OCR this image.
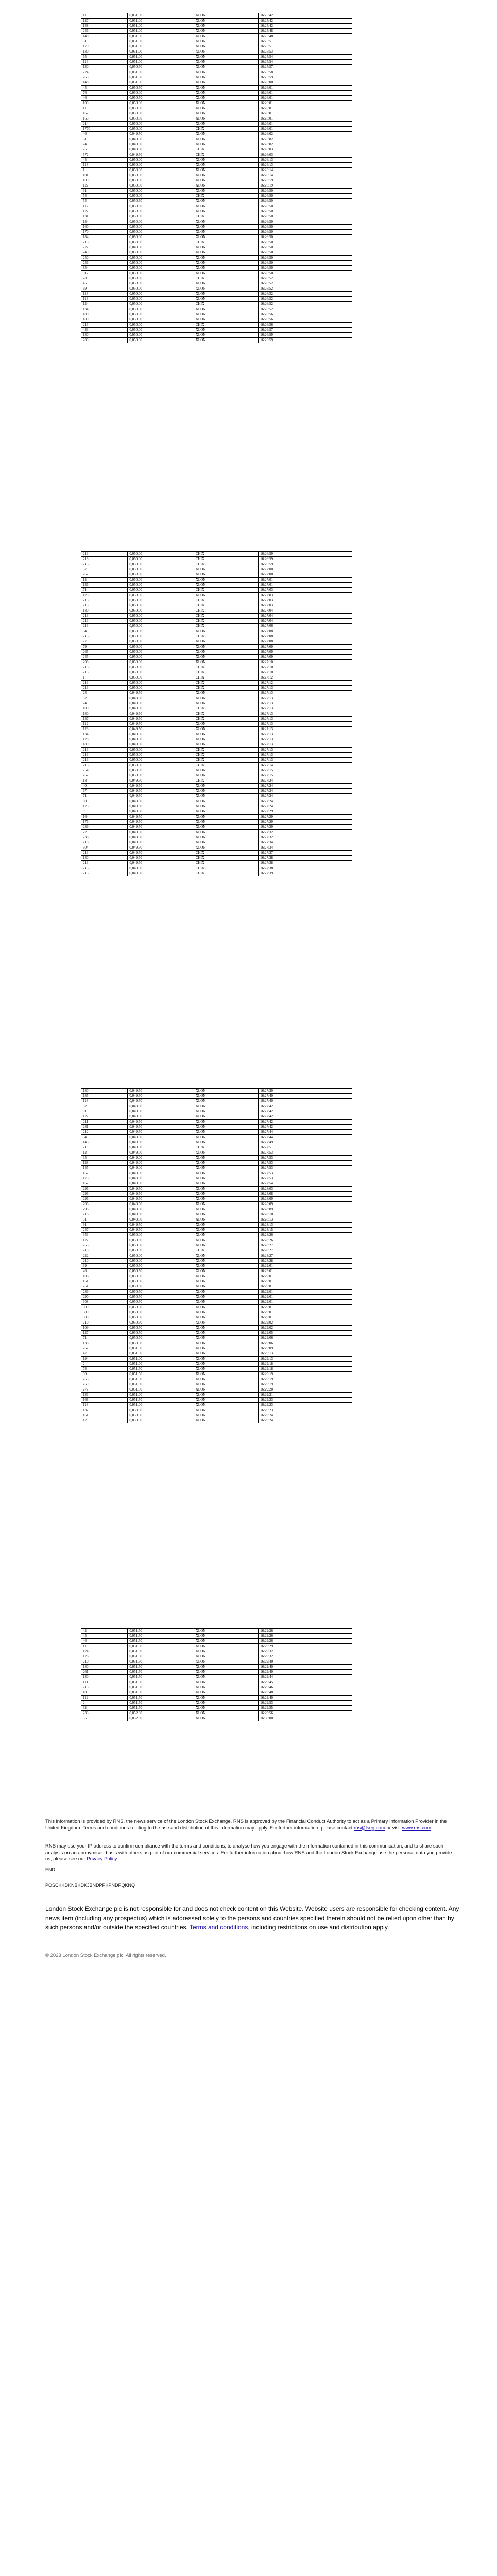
118	0,051.00	XLON	16:25:42
127	0,051.00	XLON	16:25:42
148	0,051.00	XLON	16:25:42
246	0,051.00	XLON	16:25:48
148	0,051.00	XLON	16:25:48
31	0,051.00	XLON	16:25:51
170	0,051.00	XLON	16:25:51
180	0,051.00	XLON	16:25:53
65	0,051.00	XLON	16:25:54
116	0,051.00	XLON	16:25:54
130	0,050.50	XLON	16:25:57
224	0,051.00	XLON	16:25:58
265	0,051.00	XLON	16:25:59
148	0,051.00	XLON	16:26:00
45	0,050.50	XLON	16:26:01
76	0,050.00	XLON	16:26:01
46	0,050.50	XLON	16:26:01
100	0,050.00	XLON	16:26:01
116	0,050.00	XLON	16:26:01
162	0,050.50	XLON	16:26:01
165	0,050.50	XLON	16:26:01
214	0,050.00	XLON	16:26:01
1770	0,050.00	CHIX	16:26:01
46	0,049.50	XLON	16:26:02
61	0,049.50	XLON	16:26:02
74	0,049.50	XLON	16:26:02
76	0,049.50	CHIX	16:26:03
572	0,049.50	CHIX	16:26:03
45	0,050.00	XLON	16:26:13
118	0,050.00	XLON	16:26:13
1	0,050.00	XLON	16:26:14
101	0,050.00	XLON	16:26:14
109	0,050.00	XLON	16:26:19
127	0,050.00	XLON	16:26:19
31	0,050.00	XLON	16:26:50
54	0,050.00	CHIX	16:26:50
54	0,050.50	XLON	16:26:50
112	0,050.00	XLON	16:26:50
122	0,050.00	XLON	16:26:50
131	0,050.00	CHIX	16:26:50
134	0,050.00	XLON	16:26:50
160	0,050.00	XLON	16:26:50
170	0,050.00	XLON	16:26:50
184	0,050.00	XLON	16:26:50
213	0,050.00	CHIX	16:26:50
222	0,049.50	XLON	16:26:50
249	0,050.00	XLON	16:26:50
250	0,050.00	XLON	16:26:50
256	0,050.00	XLON	16:26:50
854	0,050.00	XLON	16:26:50
912	0,050.00	XLON	16:26:50
28	0,050.00	CHIX	16:26:52
45	0,050.00	XLON	16:26:52
69	0,050.00	XLON	16:26:52
118	0,050.00	XLON	16:26:52
118	0,050.00	XLON	16:26:52
124	0,050.00	CHIX	16:26:52
134	0,050.00	XLON	16:26:52
180	0,050.00	XLON	16:26:56
180	0,050.00	XLON	16:26:56
213	0,050.00	CHIX	16:26:56
433	0,050.00	XLON	16:26:57
180	0,050.00	XLON	16:26:59
289	0,050.00	XLON	16:26:59
213	0,050.00	CHIX	16:26:59
213	0,050.00	CHIX	16:26:59
213	0,050.00	CHIX	16:26:59
37	0,050.00	XLON	16:27:00
267	0,050.00	XLON	16:27:00
12	0,050.00	XLON	16:27:01
136	0,050.00	XLON	16:27:01
71	0,050.00	CHIX	16:27:03
125	0,050.00	XLON	16:27:03
213	0,050.00	CHIX	16:27:03
213	0,050.00	CHIX	16:27:03
180	0,050.00	CHIX	16:27:04
213	0,050.00	CHIX	16:27:04
213	0,050.00	CHIX	16:27:04
213	0,050.00	CHIX	16:27:06
34	0,050.00	XLON	16:27:08
213	0,050.00	CHIX	16:27:08
77	0,050.00	XLON	16:27:08
79	0,050.00	XLON	16:27:09
265	0,050.00	XLON	16:27:09
245	0,050.00	XLON	16:27:09
208	0,050.00	XLON	16:27:10
213	0,050.00	CHIX	16:27:10
213	0,050.00	CHIX	16:27:10
1	0,050.00	CHIX	16:27:12
213	0,050.00	CHIX	16:27:12
213	0,050.00	CHIX	16:27:13
28	0,049.50	XLON	16:27:13
52	0,049.50	XLON	16:27:13
74	0,049.00	XLON	16:27:13
180	0,049.50	CHIX	16:27:13
180	0,049.50	CHIX	16:27:13
187	0,049.50	CHIX	16:27:13
112	0,049.50	XLON	16:27:13
123	0,049.50	XLON	16:27:13
134	0,049.50	XLON	16:27:13
128	0,049.50	XLON	16:27:13
180	0,049.50	XLON	16:27:13
213	0,050.00	CHIX	16:27:13
213	0,050.00	CHIX	16:27:13
213	0,050.00	CHIX	16:27:13
213	0,050.00	CHIX	16:27:14
254	0,050.00	XLON	16:27:15
262	0,050.00	XLON	16:27:15
18	0,049.50	CHIX	16:27:24
40	0,049.50	XLON	16:27:24
67	0,049.50	XLON	16:27:24
71	0,049.50	XLON	16:27:24
80	0,049.50	XLON	16:27:24
125	0,049.50	XLON	16:27:24
9	0,049.50	XLON	16:27:29
164	0,049.50	XLON	16:27:29
176	0,049.50	XLON	16:27:29
289	0,049.50	XLON	16:27:29
22	0,049.50	XLON	16:27:32
238	0,049.50	XLON	16:27:32
216	0,049.50	XLON	16:27:34
304	0,049.50	XLON	16:27:34
213	0,049.50	CHIX	16:27:37
180	0,049.50	CHIX	16:27:38
213	0,049.50	CHIX	16:27:38
213	0,049.50	CHIX	16:27:38
213	0,049.50	CHIX	16:27:39
180	0,049.50	XLON	16:27:39
185	0,049.50	XLON	16:27:40
118	0,049.50	XLON	16:27:40
32	0,049.50	XLON	16:27:42
91	0,049.50	XLON	16:27:42
127	0,049.50	XLON	16:27:42
211	0,049.50	XLON	16:27:42
281	0,049.50	XLON	16:27:42
212	0,049.50	XLON	16:27:44
54	0,049.50	XLON	16:27:44
143	0,049.50	XLON	16:27:49
71	0,049.50	CHIX	16:27:51
12	0,049.00	XLON	16:27:53
35	0,049.00	XLON	16:27:53
128	0,049.00	XLON	16:27:53
145	0,049.00	XLON	16:27:53
167	0,049.00	XLON	16:27:53
173	0,049.00	XLON	16:27:53
167	0,049.00	XLON	16:27:54
296	0,049.50	XLON	16:28:03
296	0,049.50	XLON	16:28:08
296	0,049.50	XLON	16:28:09
296	0,049.50	XLON	16:28:09
296	0,049.50	XLON	16:28:09
218	0,049.50	XLON	16:28:10
31	0,049.50	XLON	16:28:13
91	0,049.50	XLON	16:28:13
247	0,049.50	XLON	16:28:15
353	0,050.00	XLON	16:28:26
122	0,050.00	XLON	16:28:26
253	0,050.00	XLON	16:28:27
213	0,050.00	CHIX	16:28:27
222	0,050.00	XLON	16:28:27
210	0,050.00	XLON	16:28:28
39	0,050.50	XLON	16:29:01
46	0,050.50	XLON	16:29:01
186	0,050.50	XLON	16:29:01
161	0,050.50	XLON	16:29:01
261	0,050.50	XLON	16:29:01
289	0,050.50	XLON	16:29:01
290	0,050.50	XLON	16:29:01
308	0,050.50	XLON	16:29:01
309	0,050.50	XLON	16:29:01
309	0,050.50	XLON	16:29:01
309	0,050.50	XLON	16:29:01
210	0,050.50	XLON	16:29:02
109	0,050.50	XLON	16:29:02
127	0,050.50	XLON	16:29:05
71	0,050.50	XLON	16:29:06
138	0,050.50	XLON	16:29:06
262	0,051.00	XLON	16:29:09
47	0,051.00	XLON	16:29:13
194	0,051.00	XLON	16:29:13
2	0,051.00	XLON	16:29:18
78	0,051.50	XLON	16:29:18
90	0,051.50	XLON	16:29:19
265	0,051.50	XLON	16:29:19
269	0,051.00	XLON	16:29:19
277	0,051.50	XLON	16:29:20
133	0,051.00	XLON	16:29:21
168	0,051.50	XLON	16:29:23
118	0,051.00	XLON	16:29:23
132	0,050.50	XLON	16:29:23
161	0,050.50	XLON	16:29:24
12	0,050.50	XLON	16:29:24
42	0,051.50	XLON	16:29:26
45	0,051.50	XLON	16:29:26
46	0,051.50	XLON	16:29:26
118	0,051.50	XLON	16:29:29
124	0,051.50	XLON	16:29:32
126	0,051.50	XLON	16:29:32
210	0,051.50	XLON	16:29:40
180	0,051.50	XLON	16:29:40
261	0,051.50	XLON	16:29:40
130	0,051.50	XLON	16:29:44
111	0,051.50	XLON	16:29:45
213	0,051.50	XLON	16:29:46
18	0,051.50	XLON	16:29:48
112	0,051.50	XLON	16:29:49
2	0,051.50	XLON	16:29:53
32	0,051.50	XLON	16:29:55
233	0,052.00	XLON	16:29:56
35	0,052.00	XLON	16:30:00
This information is provided by RNS, the news service of the London Stock Exchange. RNS is approved by the Financial Conduct Authority to act as a Primary Information Provider in the United Kingdom. Terms and conditions relating to the use and distribution of this information may apply. For further information, please contact rns@lseg.com or visit www.rns.com.
RNS may use your IP address to confirm compliance with the terms and conditions, to analyse how you engage with the information contained in this communication, and to share such analysis on an anonymised basis with others as part of our commercial services. For further information about how RNS and the London Stock Exchange use the personal data you provide us, please see our Privacy Policy.
END
POSCKKDKNBKDKJBNDPPKPNDPQKNQ
London Stock Exchange plc is not responsible for and does not check content on this Website. Website users are responsible for checking content. Any news item (including any prospectus) which is addressed solely to the persons and countries specified therein should not be relied upon other than by such persons and/or outside the specified countries. Terms and conditions, including restrictions on use and distribution apply.
© 2023 London Stock Exchange plc. All rights reserved.
